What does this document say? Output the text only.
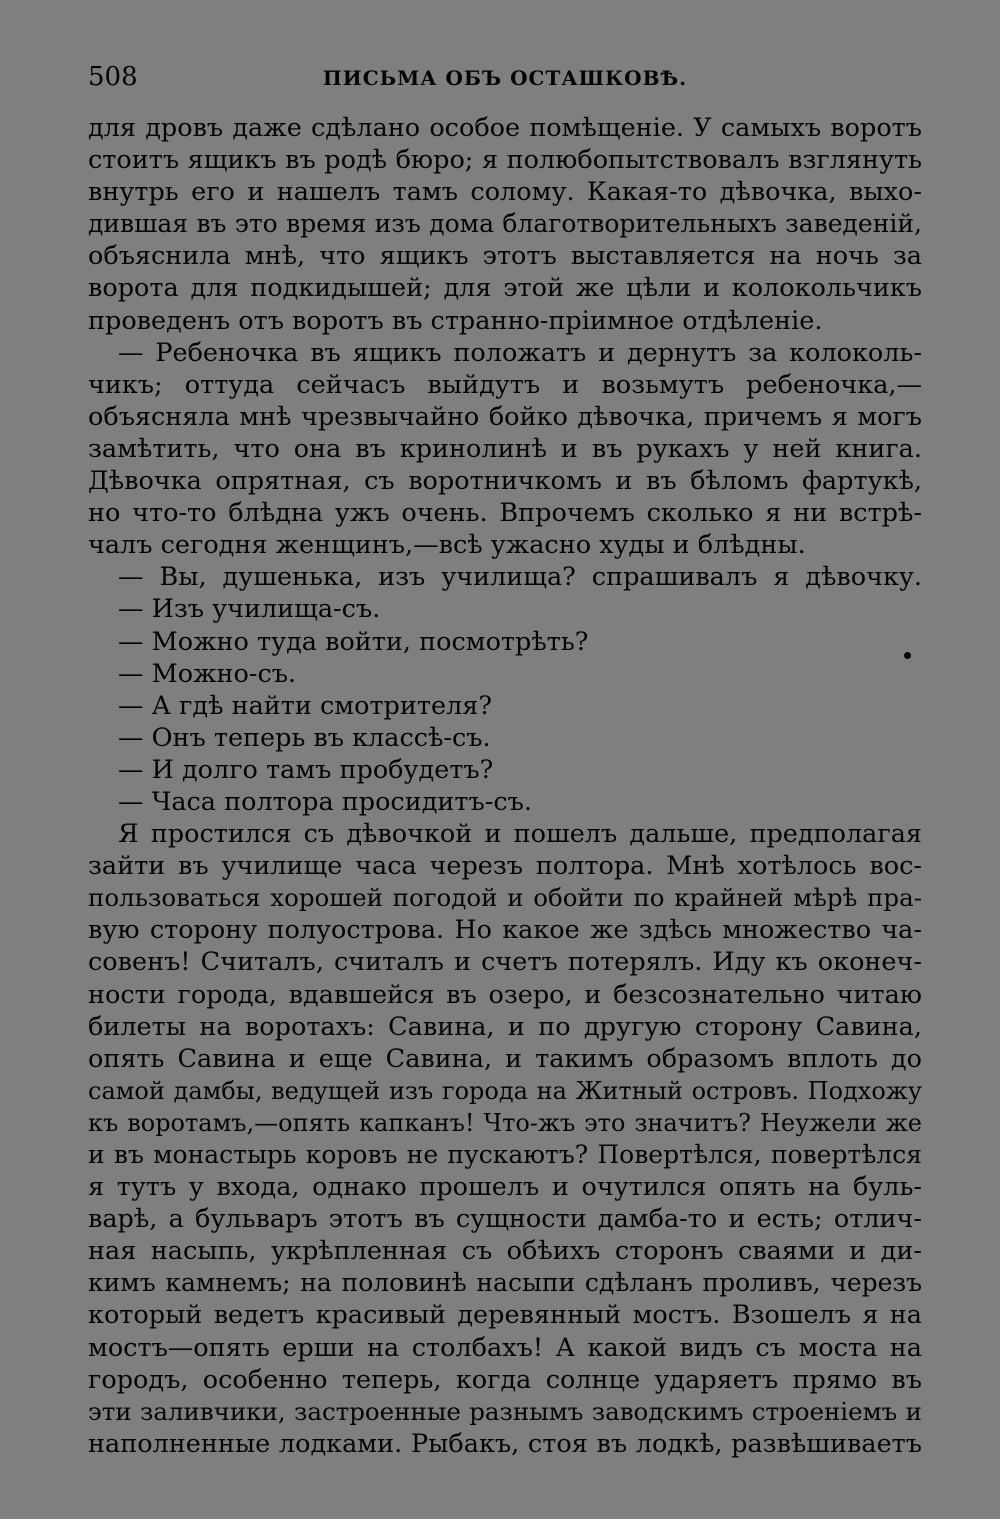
508	ПИСЬМА ОБЪ ОСТАШКОВѢ.
для дровъ даже сдѣлано особое помѣщеніе. У самыхъ воротъ
стоитъ ящикъ въ родѣ бюро; я полюбопытствовалъ взглянуть
внутрь его и нашелъ тамъ солому. Какая-то дѣвочка, выхо-
дившая въ это время изъ дома благотворительныхъ заведеній,
объяснила мнѣ, что ящикъ этотъ выставляется на ночь за
ворота для подкидышей; для этой же цѣли и колокольчикъ
проведенъ отъ воротъ въ странно-пріимное отдѣленіе.
— Ребеночка въ ящикъ положатъ и дернутъ за колоколь-
чикъ; оттуда сейчасъ выйдутъ и возьмутъ ребеночка,—
объясняла мнѣ чрезвычайно бойко дѣвочка, причемъ я могъ
замѣтить, что она въ кринолинѣ и въ рукахъ у ней книга.
Дѣвочка опрятная, съ воротничкомъ и въ бѣломъ фартукѣ,
но что-то блѣдна ужъ очень. Впрочемъ сколько я ни встрѣ-
чалъ сегодня женщинъ,—всѣ ужасно худы и блѣдны.
— Вы, душенька, изъ училища? спрашивалъ я дѣвочку.
— Изъ училища-съ.
— Можно туда войти, посмотрѣть?
— Можно-съ.
— А гдѣ найти смотрителя?
— Онъ теперь въ классѣ-съ.
— И долго тамъ пробудетъ?
— Часа полтора просидитъ-съ.
Я простился съ дѣвочкой и пошелъ дальше, предполагая
зайти въ училище часа черезъ полтора. Мнѣ хотѣлось вос-
пользоваться хорошей погодой и обойти по крайней мѣрѣ пра-
вую сторону полуострова. Но какое же здѣсь множество ча-
совенъ! Считалъ, считалъ и счетъ потерялъ. Иду къ оконеч-
ности города, вдавшейся въ озеро, и безсознательно читаю
билеты на воротахъ: Савина, и по другую сторону Савина,
опять Савина и еще Савина, и такимъ образомъ вплоть до
самой дамбы, ведущей изъ города на Житный островъ. Подхожу
къ воротамъ,—опять капканъ! Что-жъ это значитъ? Неужели же
и въ монастырь коровъ не пускаютъ? Повертѣлся, повертѣлся
я тутъ у входа, однако прошелъ и очутился опять на буль-
варѣ, а бульваръ этотъ въ сущности дамба-то и есть; отлич-
ная насыпь, укрѣпленная съ обѣихъ сторонъ сваями и ди-
кимъ камнемъ; на половинѣ насыпи сдѣланъ проливъ, черезъ
который ведетъ красивый деревянный мостъ. Взошелъ я на
мостъ—опять ерши на столбахъ! А какой видъ съ моста на
городъ, особенно теперь, когда солнце ударяетъ прямо въ
эти заливчики, застроенные разнымъ заводскимъ строеніемъ и
наполненные лодками. Рыбакъ, стоя въ лодкѣ, развѣшиваетъ
